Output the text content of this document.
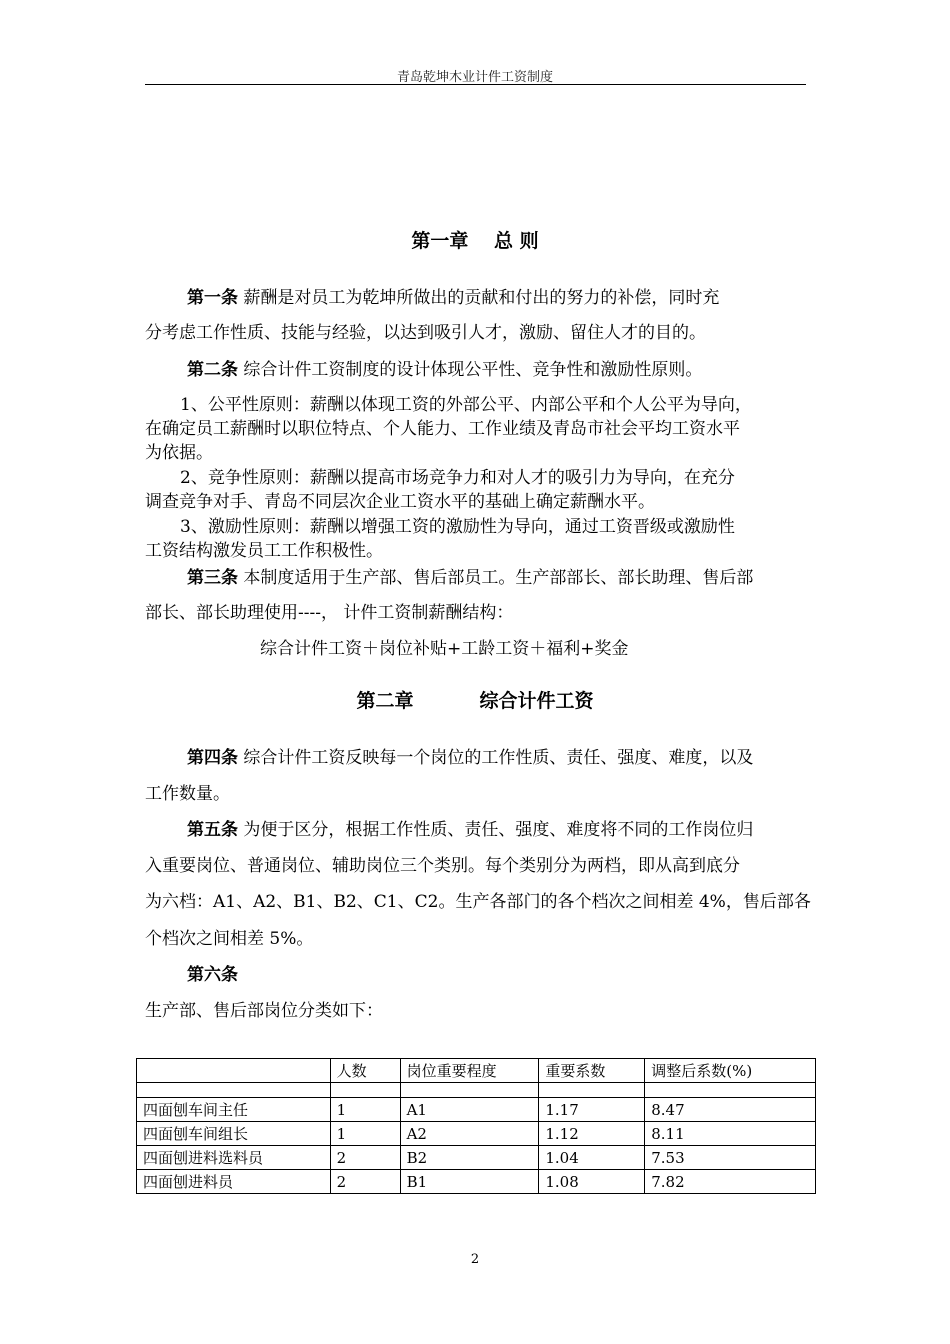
青岛乾坤木业计件工资制度
第一章　 总 则
第一条 薪酬是对员工为乾坤所做出的贡献和付出的努力的补偿，同时充
分考虑工作性质、技能与经验，以达到吸引人才，激励、留住人才的目的。
第二条 综合计件工资制度的设计体现公平性、竞争性和激励性原则。
1、公平性原则：薪酬以体现工资的外部公平、内部公平和个人公平为导向，
在确定员工薪酬时以职位特点、个人能力、工作业绩及青岛市社会平均工资水平
为依据。
2、竞争性原则：薪酬以提高市场竞争力和对人才的吸引力为导向，在充分
调查竞争对手、青岛不同层次企业工资水平的基础上确定薪酬水平。
3、激励性原则：薪酬以增强工资的激励性为导向，通过工资晋级或激励性
工资结构激发员工工作积极性。
第三条 本制度适用于生产部、售后部员工。生产部部长、部长助理、售后部
部长、部长助理使用----， 计件工资制薪酬结构：
综合计件工资＋岗位补贴+工龄工资＋福利+奖金
第二章	综合计件工资
第四条 综合计件工资反映每一个岗位的工作性质、责任、强度、难度，以及
工作数量。
第五条 为便于区分，根据工作性质、责任、强度、难度将不同的工作岗位归
入重要岗位、普通岗位、辅助岗位三个类别。每个类别分为两档，即从高到底分
为六档：A1、A2、B1、B2、C1、C2。生产各部门的各个档次之间相差 4%，售后部各
个档次之间相差 5%。
第六条
生产部、售后部岗位分类如下：
	人数	岗位重要程度	重要系数	调整后系数(%)

四面刨车间主任	1	A1	1.17	8.47
四面刨车间组长	1	A2	1.12	8.11
四面刨进料选料员	2	B2	1.04	7.53
四面刨进料员	2	B1	1.08	7.82
2
